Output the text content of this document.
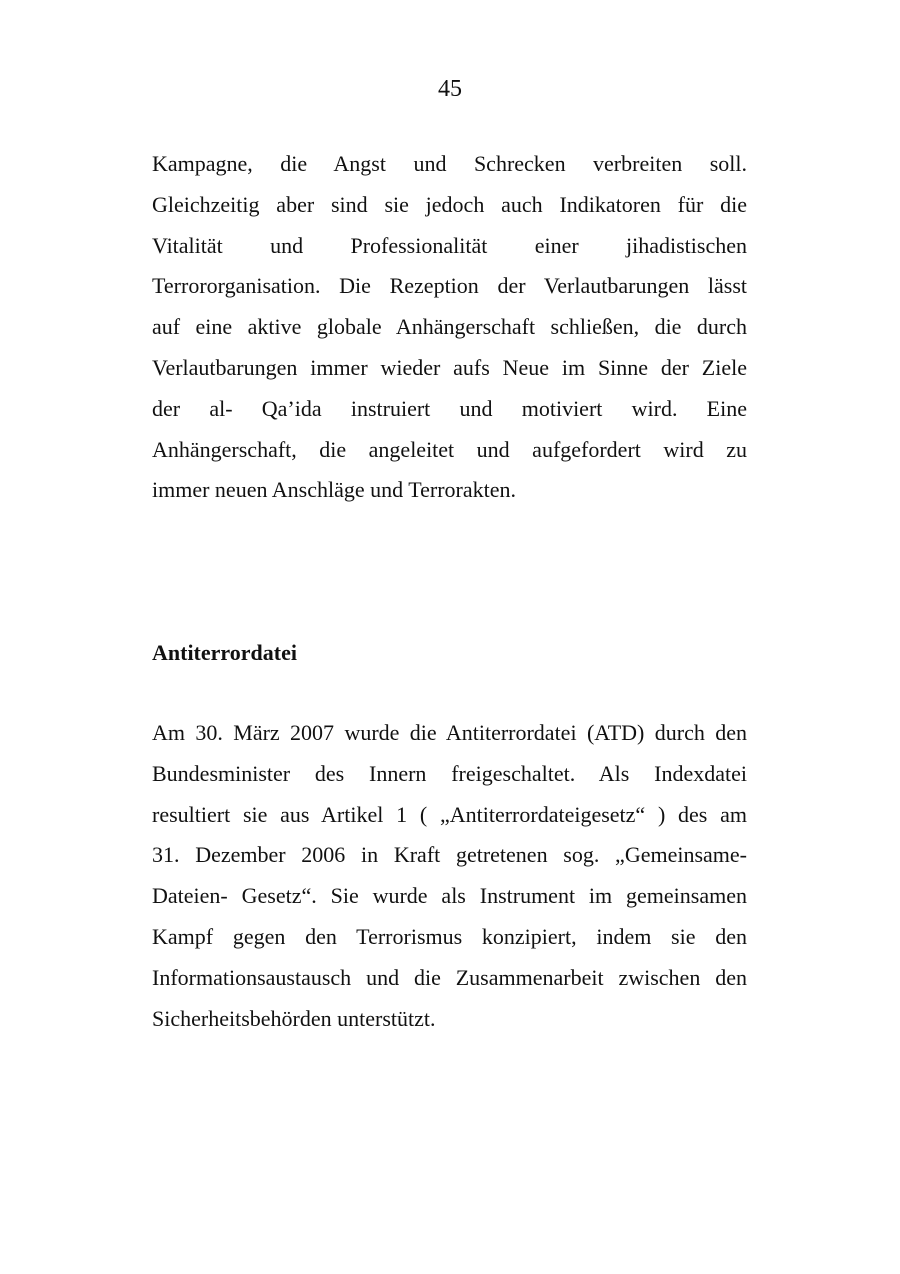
45
Kampagne, die Angst und Schrecken verbreiten soll.
Gleichzeitig aber sind sie jedoch auch Indikatoren für die
Vitalität und Professionalität einer jihadistischen
Terrororganisation. Die Rezeption der Verlautbarungen lässt
auf eine aktive globale Anhängerschaft schließen, die durch
Verlautbarungen immer wieder aufs Neue im Sinne der Ziele
der al- Qa’ida instruiert und motiviert wird. Eine
Anhängerschaft, die angeleitet und aufgefordert wird zu
immer neuen Anschläge und Terrorakten.
Antiterrordatei
Am 30. März 2007 wurde die Antiterrordatei (ATD) durch den
Bundesminister des Innern freigeschaltet. Als Indexdatei
resultiert sie aus Artikel 1 ( „Antiterrordateigesetz“ ) des am
31. Dezember 2006 in Kraft getretenen sog. „Gemeinsame-
Dateien- Gesetz“. Sie wurde als Instrument im gemeinsamen
Kampf gegen den Terrorismus konzipiert, indem sie den
Informationsaustausch und die Zusammenarbeit zwischen den
Sicherheitsbehörden unterstützt.
